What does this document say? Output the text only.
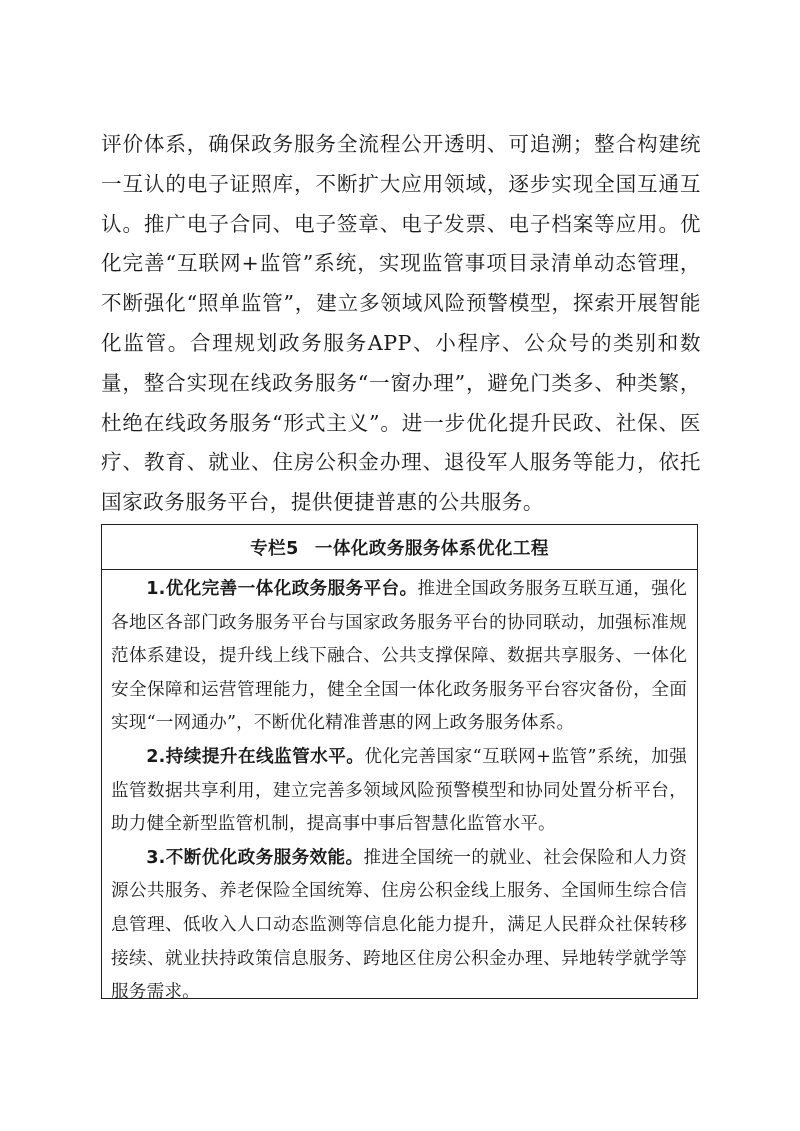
评价体系，确保政务服务全流程公开透明、可追溯；整合构建统一互认的电子证照库，不断扩大应用领域，逐步实现全国互通互认。推广电子合同、电子签章、电子发票、电子档案等应用。优化完善“互联网+监管”系统，实现监管事项目录清单动态管理，不断强化“照单监管”，建立多领域风险预警模型，探索开展智能化监管。合理规划政务服务APP、小程序、公众号的类别和数量，整合实现在线政务服务“一窗办理”，避免门类多、种类繁，杜绝在线政务服务“形式主义”。进一步优化提升民政、社保、医疗、教育、就业、住房公积金办理、退役军人服务等能力，依托国家政务服务平台，提供便捷普惠的公共服务。

专栏5 一体化政务服务体系优化工程

1.优化完善一体化政务服务平台。推进全国政务服务互联互通，强化各地区各部门政务服务平台与国家政务服务平台的协同联动，加强标准规范体系建设，提升线上线下融合、公共支撑保障、数据共享服务、一体化安全保障和运营管理能力，健全全国一体化政务服务平台容灾备份，全面实现“一网通办”，不断优化精准普惠的网上政务服务体系。

2.持续提升在线监管水平。优化完善国家“互联网+监管”系统，加强监管数据共享利用，建立完善多领域风险预警模型和协同处置分析平台，助力健全新型监管机制，提高事中事后智慧化监管水平。

3.不断优化政务服务效能。推进全国统一的就业、社会保险和人力资源公共服务、养老保险全国统筹、住房公积金线上服务、全国师生综合信息管理、低收入人口动态监测等信息化能力提升，满足人民群众社保转移接续、就业扶持政策信息服务、跨地区住房公积金办理、异地转学就学等服务需求。
